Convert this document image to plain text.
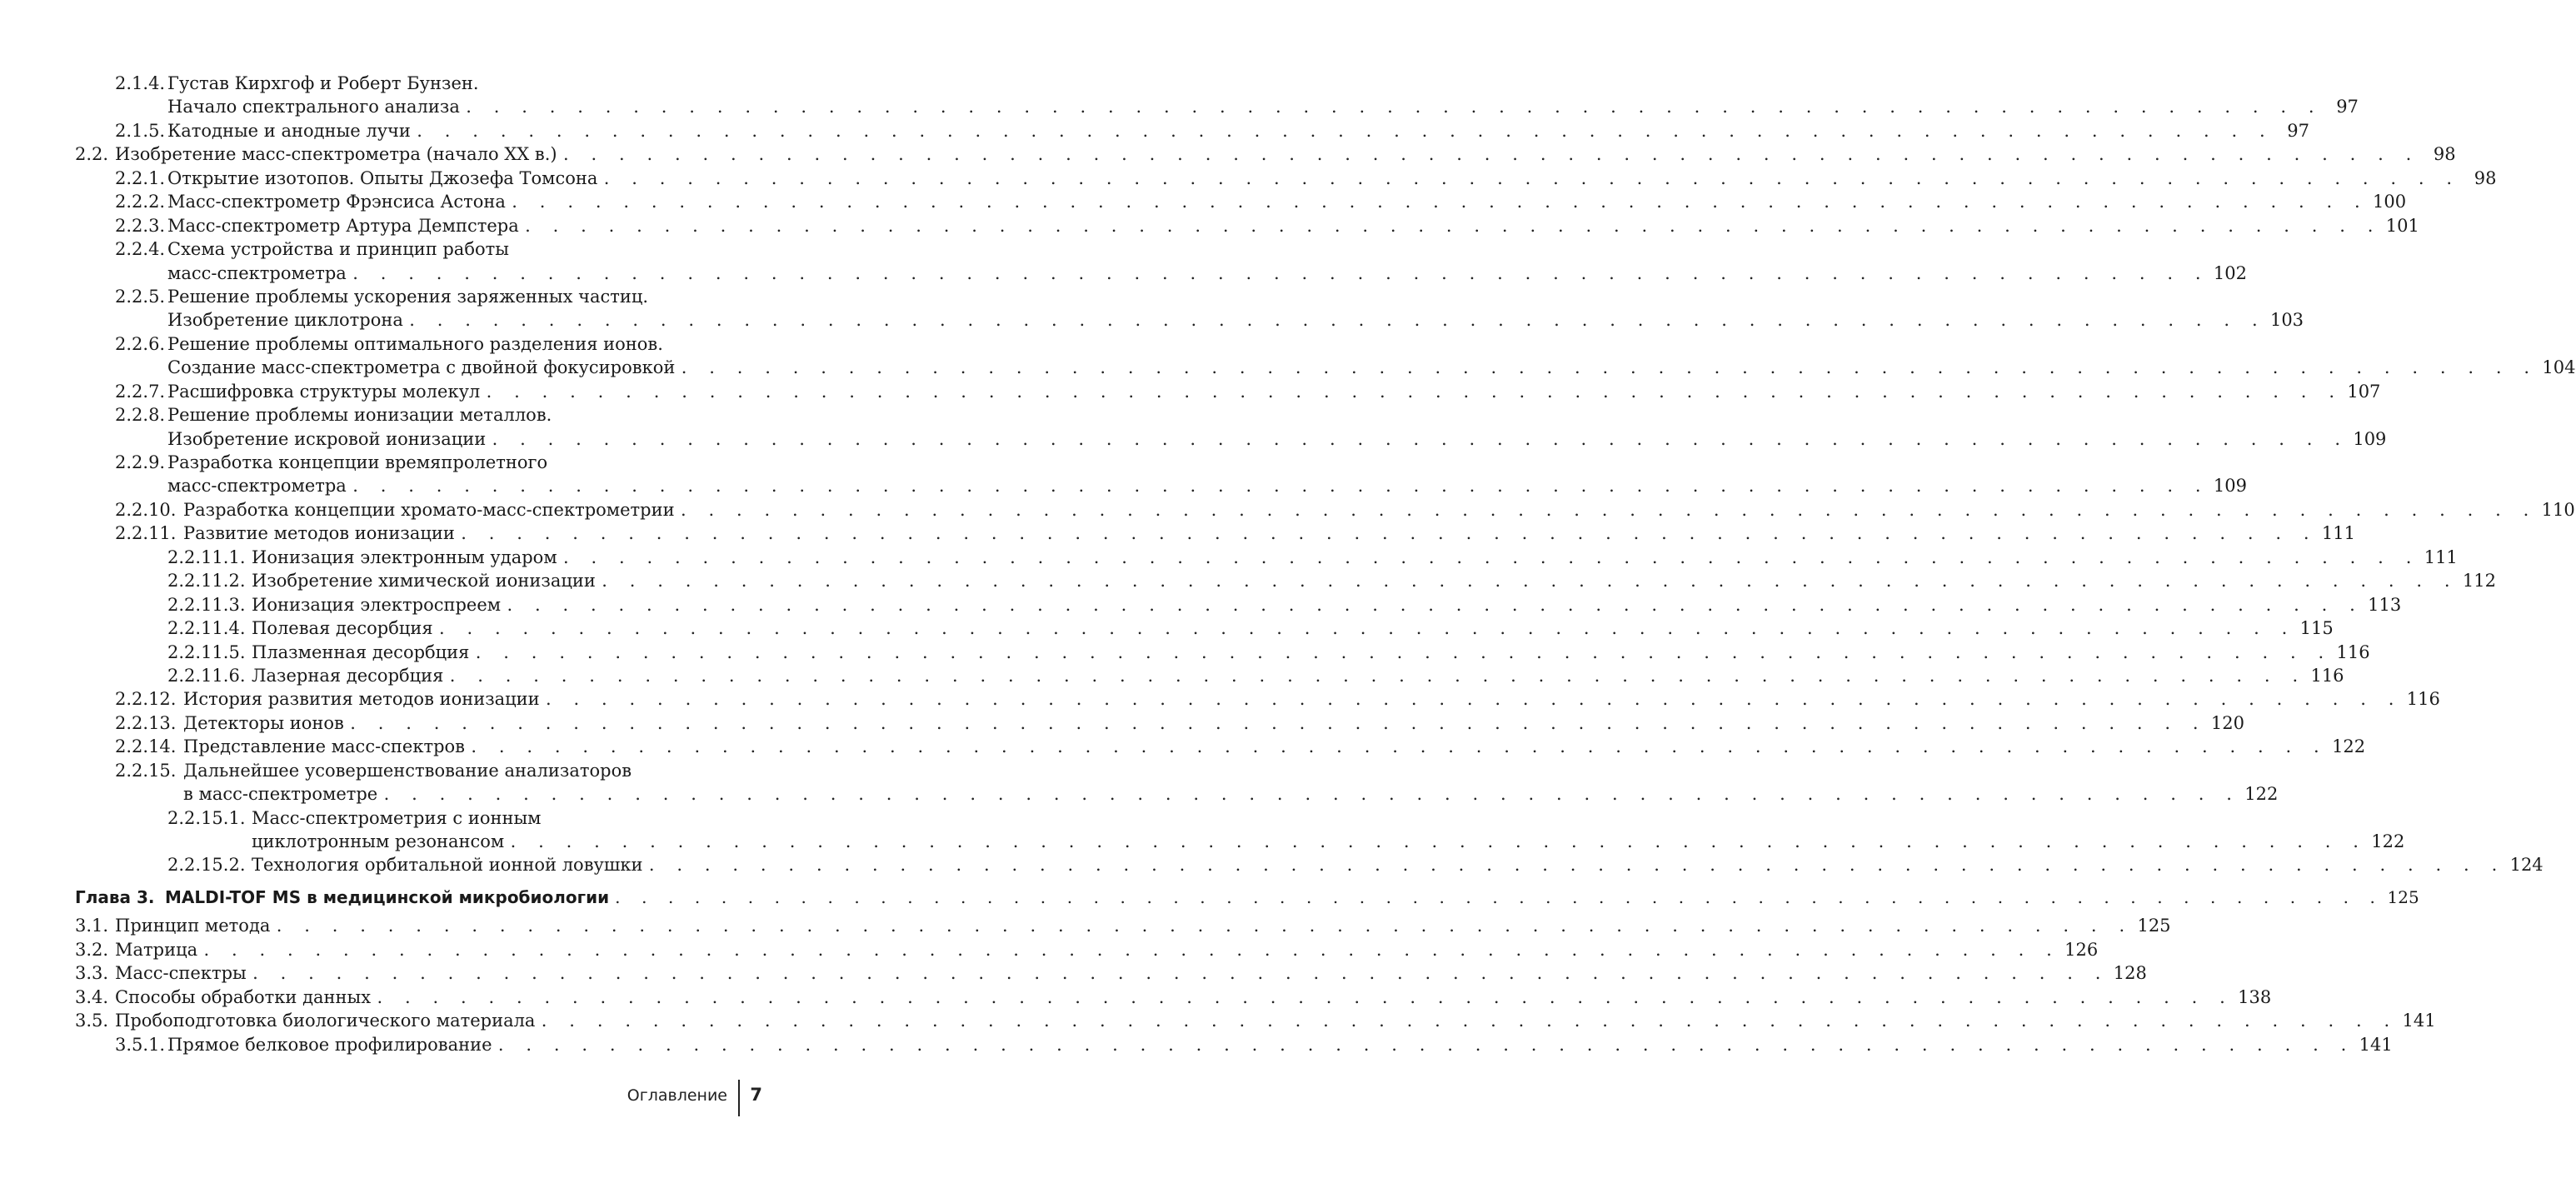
2.1.4. Густав Кирхгоф и Роберт Бунзен.
Начало спектрального анализа . . . . . . . . . . . . . . . . . . . . . . . . . . . . . . . . . . . . . . . . . . . . . . . . . . . . . . . . . . . . . . . . . . . 97
2.1.5. Катодные и анодные лучи . . . . . . . . . . . . . . . . . . . . . . . . . . . . . . . . . . . . . . . . . . . . . . . . . . . . . . . . . . . . . . . . . . . 97
2.2. Изобретение масс-спектрометра (начало XX в.) . . . . . . . . . . . . . . . . . . . . . . . . . . . . . . . . . . . . . . . . . . . . . . . . . . . . . . . . . . . . . . . . . . . 98
2.2.1. Открытие изотопов. Опыты Джозефа Томсона . . . . . . . . . . . . . . . . . . . . . . . . . . . . . . . . . . . . . . . . . . . . . . . . . . . . . . . . . . . . . . . . . . . 98
2.2.2. Масс-спектрометр Фрэнсиса Астона . . . . . . . . . . . . . . . . . . . . . . . . . . . . . . . . . . . . . . . . . . . . . . . . . . . . . . . . . . . . . . . . . . . 100
2.2.3. Масс-спектрометр Артура Демпстера . . . . . . . . . . . . . . . . . . . . . . . . . . . . . . . . . . . . . . . . . . . . . . . . . . . . . . . . . . . . . . . . . . . 101
2.2.4. Схема устройства и принцип работы
масс-спектрометра . . . . . . . . . . . . . . . . . . . . . . . . . . . . . . . . . . . . . . . . . . . . . . . . . . . . . . . . . . . . . . . . . . . 102
2.2.5. Решение проблемы ускорения заряженных частиц.
Изобретение циклотрона . . . . . . . . . . . . . . . . . . . . . . . . . . . . . . . . . . . . . . . . . . . . . . . . . . . . . . . . . . . . . . . . . . . 103
2.2.6. Решение проблемы оптимального разделения ионов.
Создание масс-спектрометра с двойной фокусировкой . . . . . . . . . . . . . . . . . . . . . . . . . . . . . . . . . . . . . . . . . . . . . . . . . . . . . . . . . . . . . . . . . . . 104
2.2.7. Расшифровка структуры молекул . . . . . . . . . . . . . . . . . . . . . . . . . . . . . . . . . . . . . . . . . . . . . . . . . . . . . . . . . . . . . . . . . . . 107
2.2.8. Решение проблемы ионизации металлов.
Изобретение искровой ионизации . . . . . . . . . . . . . . . . . . . . . . . . . . . . . . . . . . . . . . . . . . . . . . . . . . . . . . . . . . . . . . . . . . . 109
2.2.9. Разработка концепции времяпролетного
масс-спектрометра . . . . . . . . . . . . . . . . . . . . . . . . . . . . . . . . . . . . . . . . . . . . . . . . . . . . . . . . . . . . . . . . . . . 109
2.2.10. Разработка концепции хромато-масс-спектрометрии . . . . . . . . . . . . . . . . . . . . . . . . . . . . . . . . . . . . . . . . . . . . . . . . . . . . . . . . . . . . . . . . . . . 110
2.2.11. Развитие методов ионизации . . . . . . . . . . . . . . . . . . . . . . . . . . . . . . . . . . . . . . . . . . . . . . . . . . . . . . . . . . . . . . . . . . . 111
2.2.11.1. Ионизация электронным ударом . . . . . . . . . . . . . . . . . . . . . . . . . . . . . . . . . . . . . . . . . . . . . . . . . . . . . . . . . . . . . . . . . . . 111
2.2.11.2. Изобретение химической ионизации . . . . . . . . . . . . . . . . . . . . . . . . . . . . . . . . . . . . . . . . . . . . . . . . . . . . . . . . . . . . . . . . . . . 112
2.2.11.3. Ионизация электроспреем . . . . . . . . . . . . . . . . . . . . . . . . . . . . . . . . . . . . . . . . . . . . . . . . . . . . . . . . . . . . . . . . . . . 113
2.2.11.4. Полевая десорбция . . . . . . . . . . . . . . . . . . . . . . . . . . . . . . . . . . . . . . . . . . . . . . . . . . . . . . . . . . . . . . . . . . . 115
2.2.11.5. Плазменная десорбция . . . . . . . . . . . . . . . . . . . . . . . . . . . . . . . . . . . . . . . . . . . . . . . . . . . . . . . . . . . . . . . . . . . 116
2.2.11.6. Лазерная десорбция . . . . . . . . . . . . . . . . . . . . . . . . . . . . . . . . . . . . . . . . . . . . . . . . . . . . . . . . . . . . . . . . . . . 116
2.2.12. История развития методов ионизации . . . . . . . . . . . . . . . . . . . . . . . . . . . . . . . . . . . . . . . . . . . . . . . . . . . . . . . . . . . . . . . . . . . 116
2.2.13. Детекторы ионов . . . . . . . . . . . . . . . . . . . . . . . . . . . . . . . . . . . . . . . . . . . . . . . . . . . . . . . . . . . . . . . . . . . 120
2.2.14. Представление масс-спектров . . . . . . . . . . . . . . . . . . . . . . . . . . . . . . . . . . . . . . . . . . . . . . . . . . . . . . . . . . . . . . . . . . . 122
2.2.15. Дальнейшее усовершенствование анализаторов
в масс-спектрометре . . . . . . . . . . . . . . . . . . . . . . . . . . . . . . . . . . . . . . . . . . . . . . . . . . . . . . . . . . . . . . . . . . . 122
2.2.15.1. Масс-спектрометрия с ионным
циклотронным резонансом . . . . . . . . . . . . . . . . . . . . . . . . . . . . . . . . . . . . . . . . . . . . . . . . . . . . . . . . . . . . . . . . . . . 122
2.2.15.2. Технология орбитальной ионной ловушки . . . . . . . . . . . . . . . . . . . . . . . . . . . . . . . . . . . . . . . . . . . . . . . . . . . . . . . . . . . . . . . . . . . 124
Глава 3. MALDI-TOF MS в медицинской микробиологии . . . . . . . . . . . . . . . . . . . . . . . . . . . . . . . . . . . . . . . . . . . . . . . . . . . . . . . . . . . . . . . . . . . 125
3.1. Принцип метода . . . . . . . . . . . . . . . . . . . . . . . . . . . . . . . . . . . . . . . . . . . . . . . . . . . . . . . . . . . . . . . . . . . 125
3.2. Матрица . . . . . . . . . . . . . . . . . . . . . . . . . . . . . . . . . . . . . . . . . . . . . . . . . . . . . . . . . . . . . . . . . . . 126
3.3. Масс-спектры . . . . . . . . . . . . . . . . . . . . . . . . . . . . . . . . . . . . . . . . . . . . . . . . . . . . . . . . . . . . . . . . . . . 128
3.4. Способы обработки данных . . . . . . . . . . . . . . . . . . . . . . . . . . . . . . . . . . . . . . . . . . . . . . . . . . . . . . . . . . . . . . . . . . . 138
3.5. Пробоподготовка биологического материала . . . . . . . . . . . . . . . . . . . . . . . . . . . . . . . . . . . . . . . . . . . . . . . . . . . . . . . . . . . . . . . . . . . 141
3.5.1. Прямое белковое профилирование . . . . . . . . . . . . . . . . . . . . . . . . . . . . . . . . . . . . . . . . . . . . . . . . . . . . . . . . . . . . . . . . . . . 141
Оглавление 7
